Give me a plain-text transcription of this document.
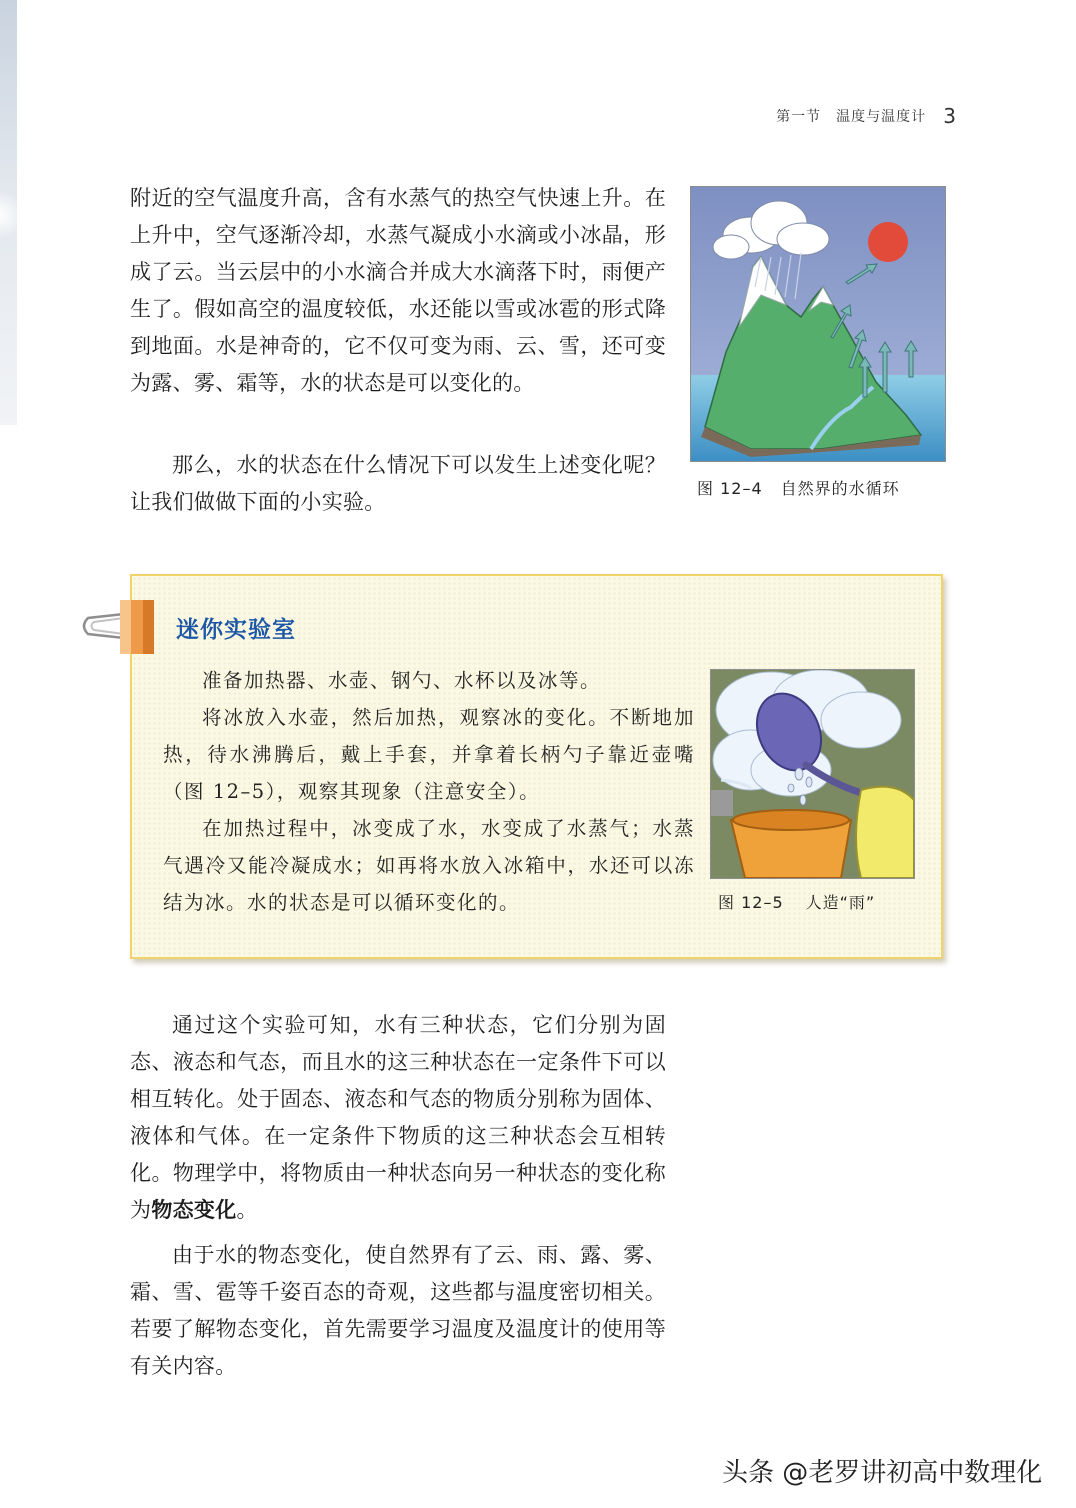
第一节　温度与温度计 3

附近的空气温度升高，含有水蒸气的热空气快速上升。在上升中，空气逐渐冷却，水蒸气凝成小水滴或小冰晶，形成了云。当云层中的小水滴合并成大水滴落下时，雨便产生了。假如高空的温度较低，水还能以雪或冰雹的形式降到地面。水是神奇的，它不仅可变为雨、云、雪，还可变为露、雾、霜等，水的状态是可以变化的。

那么，水的状态在什么情况下可以发生上述变化呢？让我们做做下面的小实验。

图 12–4 自然界的水循环
迷你实验室

准备加热器、水壶、钢勺、水杯以及冰等。

将冰放入水壶，然后加热，观察冰的变化。不断地加热，待水沸腾后，戴上手套，并拿着长柄勺子靠近壶嘴（图 12–5），观察其现象（注意安全）。

在加热过程中，冰变成了水，水变成了水蒸气；水蒸气遇冷又能冷凝成水；如再将水放入冰箱中，水还可以冻结为冰。水的状态是可以循环变化的。	图 12–5 人造“雨”

通过这个实验可知，水有三种状态，它们分别为固态、液态和气态，而且水的这三种状态在一定条件下可以相互转化。处于固态、液态和气态的物质分别称为固体、液体和气体。在一定条件下物质的这三种状态会互相转化。物理学中，将物质由一种状态向另一种状态的变化称为物态变化。

由于水的物态变化，使自然界有了云、雨、露、雾、霜、雪、雹等千姿百态的奇观，这些都与温度密切相关。若要了解物态变化，首先需要学习温度及温度计的使用等有关内容。

头条 @老罗讲初高中数理化
